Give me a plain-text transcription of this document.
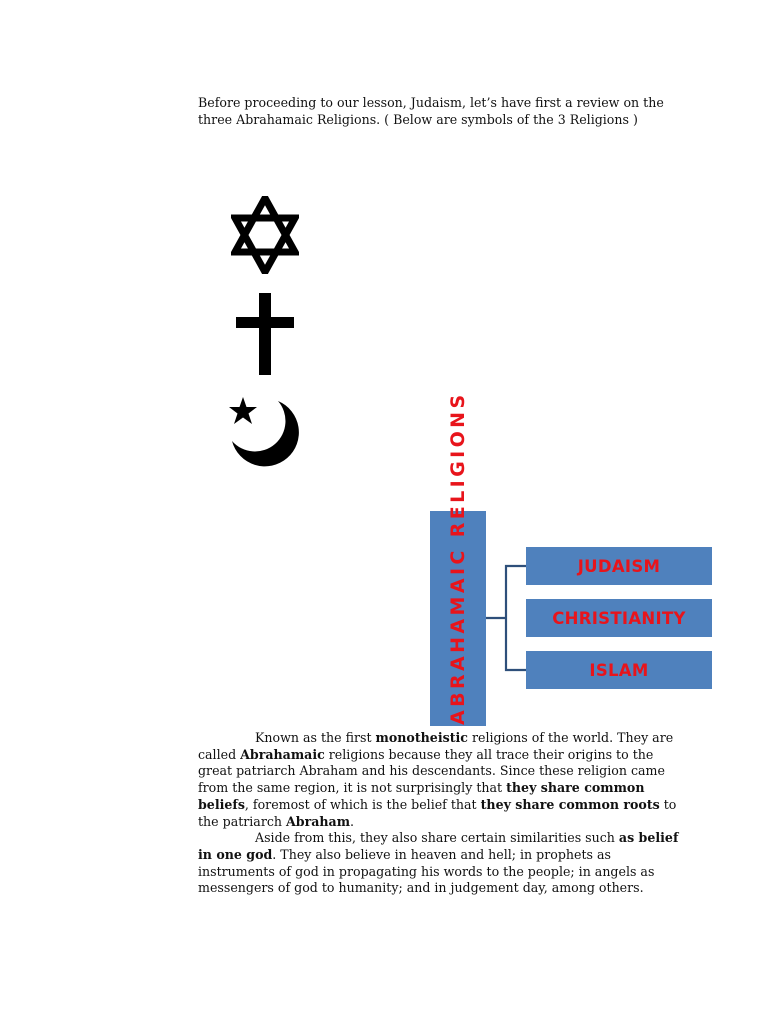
Before proceeding to our lesson, Judaism, let’s have first a review on the three Abrahamaic Religions. ( Below are symbols of the 3 Religions )
ABRAHAMAIC RELIGIONS	JUDAISM
CHRISTIANITY
ISLAM

Known as the first monotheistic religions of the world. They are called Abrahamaic religions because they all trace their origins to the great patriarch Abraham and his descendants. Since these religion came from the same region, it is not surprisingly that they share common beliefs, foremost of which is the belief that they share common roots to the patriarch Abraham.

Aside from this, they also share certain similarities such as belief in one god. They also believe in heaven and hell; in prophets as instruments of god in propagating his words to the people; in angels as messengers of god to humanity; and in judgement day, among others.
